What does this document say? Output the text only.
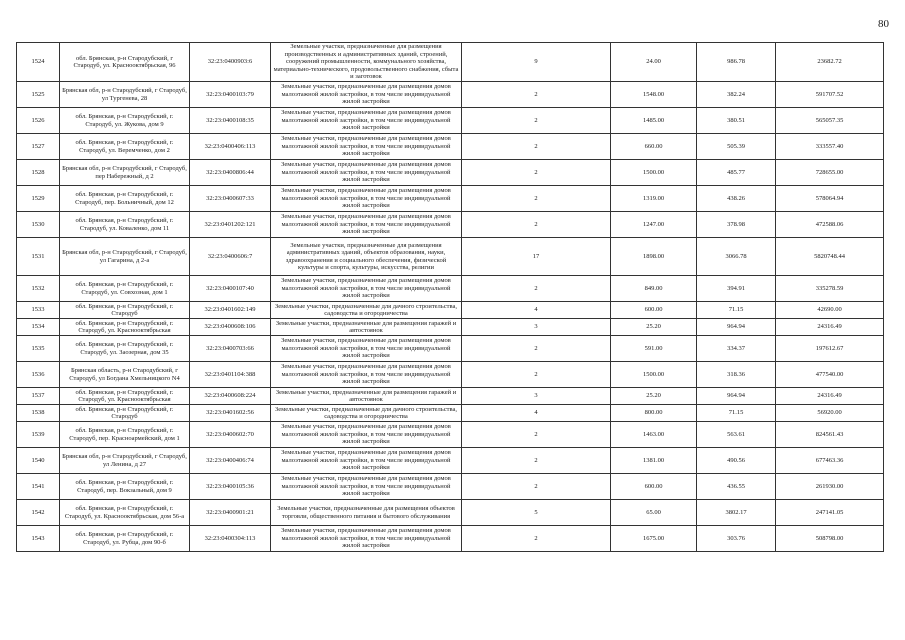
80
1524	обл. Брянская, р-н Стародубский, г Стародуб, ул. Краснооктябрьская, 96	32:23:0400903:6	Земельные участки, предназначенные для размещения производственных и административных зданий, строений, сооружений промышленности, коммунального хозяйства, материально-технического, продовольственного снабжения, сбыта и заготовок	9	24.00	986.78	23682.72
1525	Брянская обл, р-н Стародубский, г Стародуб, ул Тургенева, 28	32:23:0400103:79	Земельные участки, предназначенные для размещения домов малоэтажной жилой застройки, в том числе индивидуальной жилой застройки	2	1548.00	382.24	591707.52
1526	обл. Брянская, р-н Стародубский, г. Стародуб, ул. Жукова, дом 9	32:23:0400108:35	Земельные участки, предназначенные для размещения домов малоэтажной жилой застройки, в том числе индивидуальной жилой застройки	2	1485.00	380.51	565057.35
1527	обл. Брянская, р-н Стародубский, г. Стародуб, ул. Веремченко, дом 2	32:23:0400406:113	Земельные участки, предназначенные для размещения домов малоэтажной жилой застройки, в том числе индивидуальной жилой застройки	2	660.00	505.39	333557.40
1528	Брянская обл, р-н Стародубский, г Стародуб, пер Набережный, д 2	32:23:0400806:44	Земельные участки, предназначенные для размещения домов малоэтажной жилой застройки, в том числе индивидуальной жилой застройки	2	1500.00	485.77	728655.00
1529	обл. Брянская, р-н Стародубский, г. Стародуб, пер. Больничный, дом 12	32:23:0400607:33	Земельные участки, предназначенные для размещения домов малоэтажной жилой застройки, в том числе индивидуальной жилой застройки	2	1319.00	438.26	578064.94
1530	обл. Брянская, р-н Стародубский, г. Стародуб, ул. Коваленко, дом 11	32:23:0401202:121	Земельные участки, предназначенные для размещения домов малоэтажной жилой застройки, в том числе индивидуальной жилой застройки	2	1247.00	378.98	472588.06
1531	Брянская обл, р-н Стародубский, г Стародуб, ул Гагарина, д 2-а	32:23:0400606:7	Земельные участки, предназначенные для размещения административных зданий, объектов образования, науки, здравоохранения и социального обеспечения, физической культуры и спорта, культуры, искусства, религии	17	1898.00	3066.78	5820748.44
1532	обл. Брянская, р-н Стародубский, г. Стародуб, ул. Совхозная, дом 1	32:23:0400107:40	Земельные участки, предназначенные для размещения домов малоэтажной жилой застройки, в том числе индивидуальной жилой застройки	2	849.00	394.91	335278.59
1533	обл. Брянская, р-н Стародубский, г. Стародуб	32:23:0401602:149	Земельные участки, предназначенные для дачного строительства, садоводства и огородничества	4	600.00	71.15	42690.00
1534	обл. Брянская, р-н Стародубский, г. Стародуб, ул. Краснооктябрьская	32:23:0400608:106	Земельные участки, предназначенные для размещения гаражей и автостоянок	3	25.20	964.94	24316.49
1535	обл. Брянская, р-н Стародубский, г. Стародуб, ул. Заозерная, дом 35	32:23:0400703:66	Земельные участки, предназначенные для размещения домов малоэтажной жилой застройки, в том числе индивидуальной жилой застройки	2	591.00	334.37	197612.67
1536	Брянская область, р-н Стародубский, г Стародуб, ул Богдана Хмельницкого N4	32:23:0401104:388	Земельные участки, предназначенные для размещения домов малоэтажной жилой застройки, в том числе индивидуальной жилой застройки	2	1500.00	318.36	477540.00
1537	обл. Брянская, р-н Стародубский, г. Стародуб, ул. Краснооктябрьская	32:23:0400608:224	Земельные участки, предназначенные для размещения гаражей и автостоянок	3	25.20	964.94	24316.49
1538	обл. Брянская, р-н Стародубский, г. Стародуб	32:23:0401602:56	Земельные участки, предназначенные для дачного строительства, садоводства и огородничества	4	800.00	71.15	56920.00
1539	обл. Брянская, р-н Стародубский, г. Стародуб, пер. Красноармейский, дом 1	32:23:0400602:70	Земельные участки, предназначенные для размещения домов малоэтажной жилой застройки, в том числе индивидуальной жилой застройки	2	1463.00	563.61	824561.43
1540	Брянская обл, р-н Стародубский, г Стародуб, ул Ленина, д 27	32:23:0400406:74	Земельные участки, предназначенные для размещения домов малоэтажной жилой застройки, в том числе индивидуальной жилой застройки	2	1381.00	490.56	677463.36
1541	обл. Брянская, р-н Стародубский, г. Стародуб, пер. Вокзальный, дом 9	32:23:0400105:36	Земельные участки, предназначенные для размещения домов малоэтажной жилой застройки, в том числе индивидуальной жилой застройки	2	600.00	436.55	261930.00
1542	обл. Брянская, р-н Стародубский, г. Стародуб, ул. Краснооктябрьская, дом 56-а	32:23:0400901:21	Земельные участки, предназначенные для размещения объектов торговли, общественного питания и бытового обслуживания	5	65.00	3802.17	247141.05
1543	обл. Брянская, р-н Стародубский, г. Стародуб, ул. Рубца, дом 90-б	32:23:0400304:113	Земельные участки, предназначенные для размещения домов малоэтажной жилой застройки, в том числе индивидуальной жилой застройки	2	1675.00	303.76	508798.00
